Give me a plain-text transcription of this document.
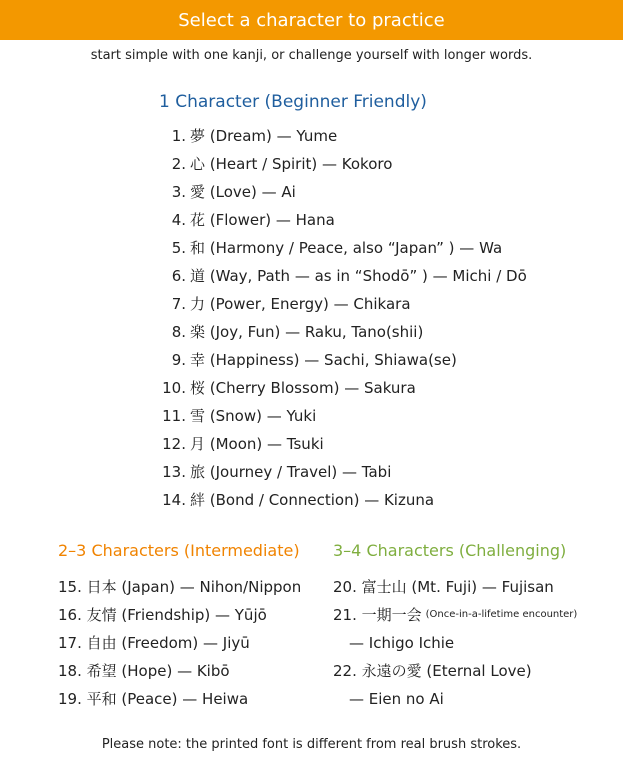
Select a character to practice
start simple with one kanji, or challenge yourself with longer words.
1 Character (Beginner Friendly)
1. 夢 (Dream) — Yume
2. 心 (Heart / Spirit) — Kokoro
3. 愛 (Love) — Ai
4. 花 (Flower) — Hana
5. 和 (Harmony / Peace, also “Japan” ) — Wa
6. 道 (Way, Path — as in “Shodō” ) — Michi / Dō
7. 力 (Power, Energy) — Chikara
8. 楽 (Joy, Fun) — Raku, Tano(shii)
9. 幸 (Happiness) — Sachi, Shiawa(se)
10. 桜 (Cherry Blossom) — Sakura
11. 雪 (Snow) — Yuki
12. 月 (Moon) — Tsuki
13. 旅 (Journey / Travel) — Tabi
14. 絆 (Bond / Connection) — Kizuna
2–3 Characters (Intermediate)
15. 日本 (Japan) — Nihon/Nippon
16. 友情 (Friendship) — Yūjō
17. 自由 (Freedom) — Jiyū
18. 希望 (Hope) — Kibō
19. 平和 (Peace) — Heiwa
3–4 Characters (Challenging)
20. 富士山 (Mt. Fuji) — Fujisan
21. 一期一会 (Once-in-a-lifetime encounter)
— Ichigo Ichie
22. 永遠の愛 (Eternal Love)
— Eien no Ai
Please note: the printed font is different from real brush strokes.
